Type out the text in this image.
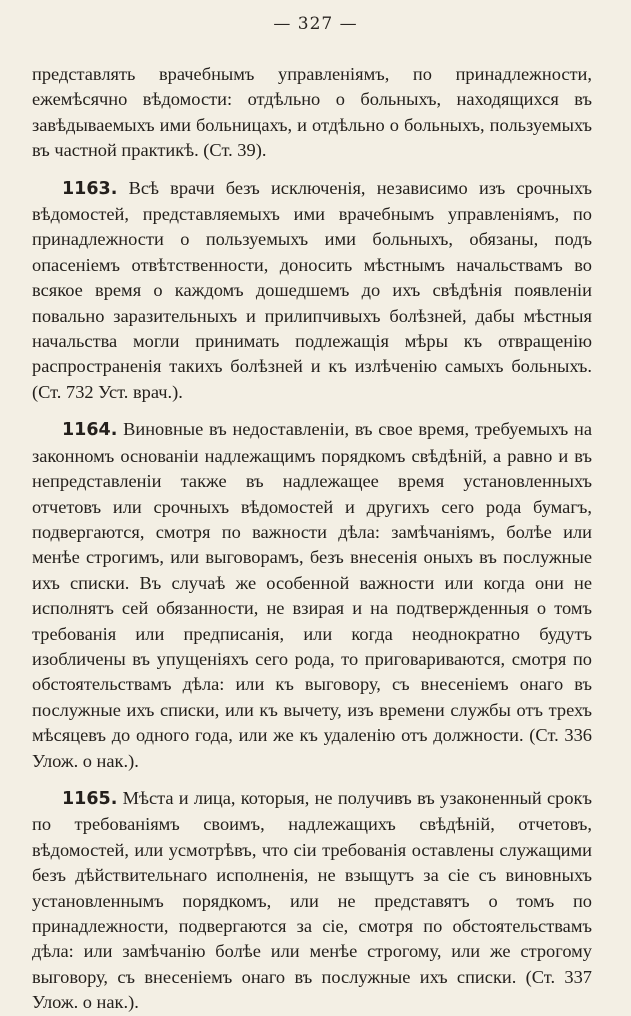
— 327 —

представлять врачебнымъ управленіямъ, по принадлежности, ежемѣсячно вѣдомости: отдѣльно о больныхъ, находящихся въ завѣдываемыхъ ими больницахъ, и отдѣльно о больныхъ, пользуемыхъ въ частной практикѣ. (Ст. 39).

1163. Всѣ врачи безъ исключенія, независимо изъ срочныхъ вѣдомостей, представляемыхъ ими врачебнымъ управленіямъ, по принадлежности о пользуемыхъ ими больныхъ, обязаны, подъ опасеніемъ отвѣтственности, доносить мѣстнымъ начальствамъ во всякое время о каждомъ дошедшемъ до ихъ свѣдѣнія появленіи повально заразительныхъ и прилипчивыхъ болѣзней, дабы мѣстныя начальства могли принимать подлежащія мѣры къ отвращенію распространенія такихъ болѣзней и къ излѣченію самыхъ больныхъ. (Ст. 732 Уст. врач.).

1164. Виновные въ недоставленіи, въ свое время, требуемыхъ на законномъ основаніи надлежащимъ порядкомъ свѣдѣній, а равно и въ непредставленіи также въ надлежащее время установленныхъ отчетовъ или срочныхъ вѣдомостей и другихъ сего рода бумагъ, подвергаются, смотря по важности дѣла: замѣчаніямъ, болѣе или менѣе строгимъ, или выговорамъ, безъ внесенія оныхъ въ послужные ихъ списки. Въ случаѣ же особенной важности или когда они не исполнятъ сей обязанности, не взирая и на подтвержденныя о томъ требованія или предписанія, или когда неоднократно будутъ изобличены въ упущеніяхъ сего рода, то приговариваются, смотря по обстоятельствамъ дѣла: или къ выговору, съ внесеніемъ онаго въ послужные ихъ списки, или къ вычету, изъ времени службы отъ трехъ мѣсяцевъ до одного года, или же къ удаленію отъ должности. (Ст. 336 Улож. о нак.).

1165. Мѣста и лица, которыя, не получивъ въ узаконенный срокъ по требованіямъ своимъ, надлежащихъ свѣдѣній, отчетовъ, вѣдомостей, или усмотрѣвъ, что сіи требованія оставлены служащими безъ дѣйствительнаго исполненія, не взыщутъ за сіе съ виновныхъ установленнымъ порядкомъ, или не представятъ о томъ по принадлежности, подвергаются за сіе, смотря по обстоятельствамъ дѣла: или замѣчанію болѣе или менѣе строгому, или же строгому выговору, съ внесеніемъ онаго въ послужные ихъ списки. (Ст. 337 Улож. о нак.).
